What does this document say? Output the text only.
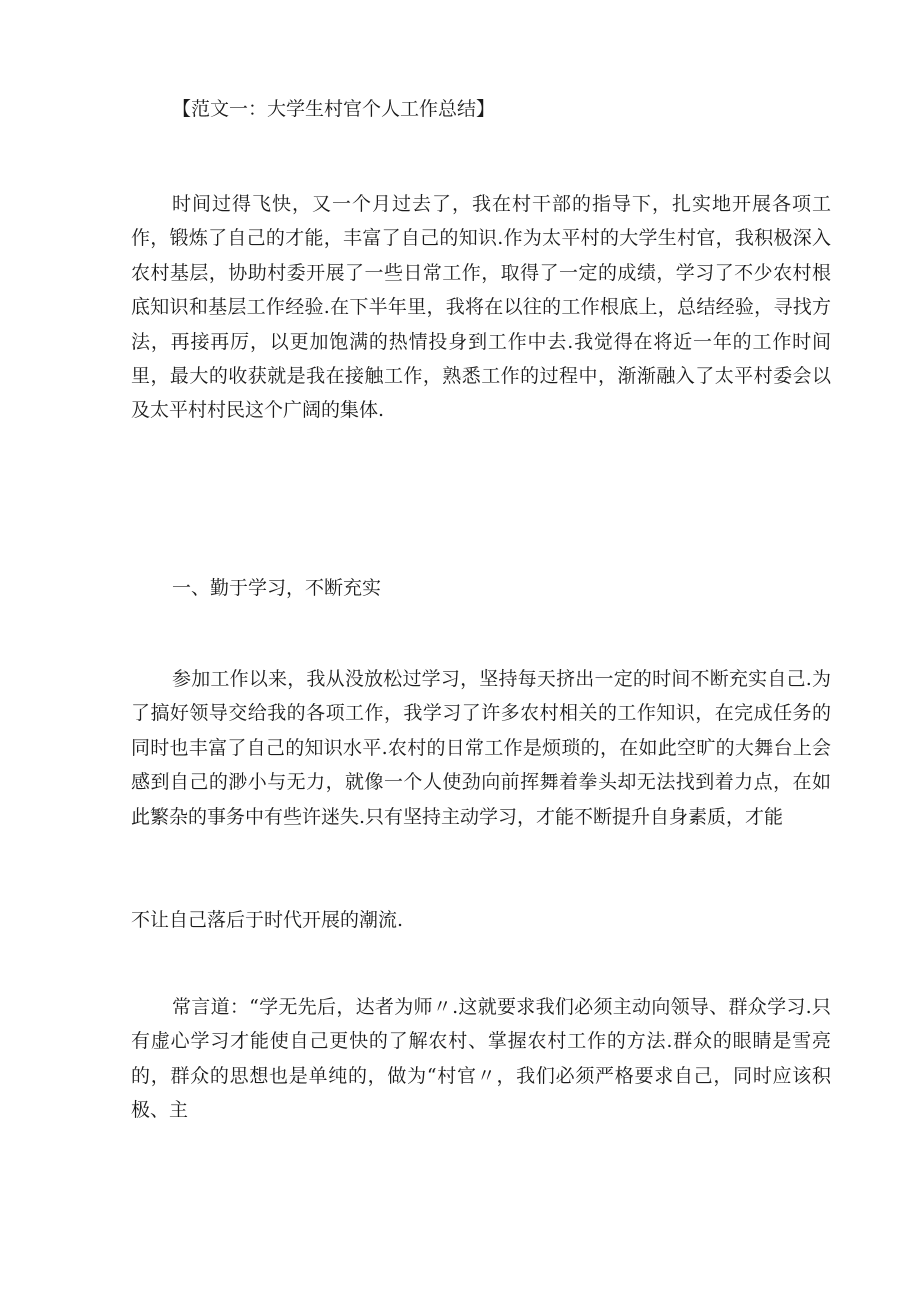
【范文一：大学生村官个人工作总结】

时间过得飞快，又一个月过去了，我在村干部的指导下，扎实地开展各项工作，锻炼了自己的才能，丰富了自己的知识.作为太平村的大学生村官，我积极深入农村基层，协助村委开展了一些日常工作，取得了一定的成绩，学习了不少农村根底知识和基层工作经验.在下半年里，我将在以往的工作根底上，总结经验，寻找方法，再接再厉，以更加饱满的热情投身到工作中去.我觉得在将近一年的工作时间里，最大的收获就是我在接触工作，熟悉工作的过程中，渐渐融入了太平村委会以及太平村村民这个广阔的集体.

一、勤于学习，不断充实

参加工作以来，我从没放松过学习，坚持每天挤出一定的时间不断充实自己.为了搞好领导交给我的各项工作，我学习了许多农村相关的工作知识，在完成任务的同时也丰富了自己的知识水平.农村的日常工作是烦琐的，在如此空旷的大舞台上会感到自己的渺小与无力，就像一个人使劲向前挥舞着拳头却无法找到着力点，在如此繁杂的事务中有些许迷失.只有坚持主动学习，才能不断提升自身素质，才能

不让自己落后于时代开展的潮流.

常言道：“学无先后，达者为师〃.这就要求我们必须主动向领导、群众学习.只有虚心学习才能使自己更快的了解农村、掌握农村工作的方法.群众的眼睛是雪亮的，群众的思想也是单纯的，做为“村官〃，我们必须严格要求自己，同时应该积极、主
